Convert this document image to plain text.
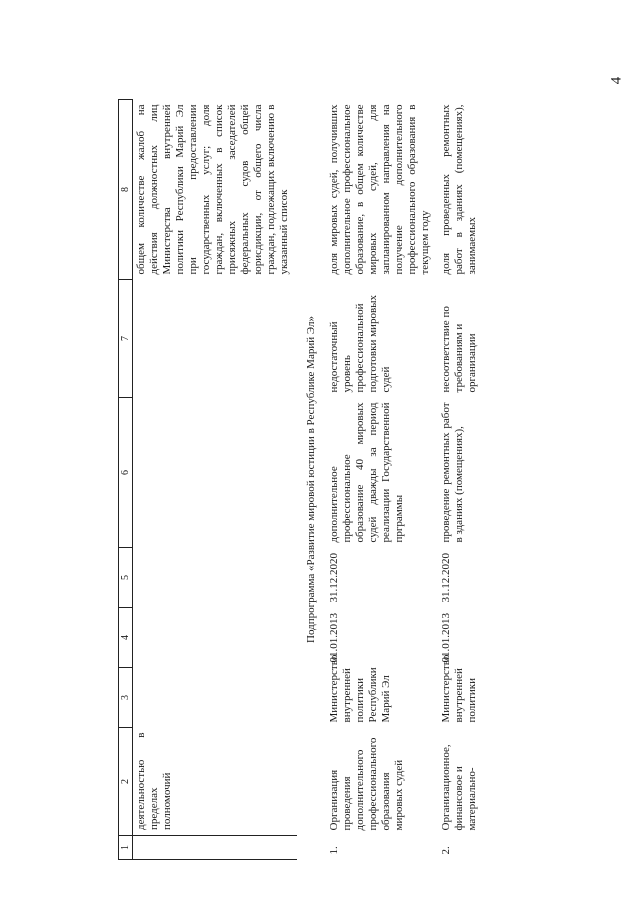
4
1	2	3	4	5	6	7	8
	деятельностью в пределах полномочий						общем количестве жалоб на действия должностных лиц Министерства внутренней политики Республики Марий Эл при предоставлении государственных услуг; доля граждан, включенных в список присяжных заседателей федеральных судов общей юрисдикции, от общего числа граждан, подлежащих включению в указанный список
Подпрограмма «Развитие мировой юстиции в Республике Марий Эл»							
1.	Организация проведения дополнительного профессионального образования мировых судей	Министерство внутренней политики Республики Марий Эл	01.01.2013	31.12.2020	дополнительное профессиональное образование 40 мировых судей дважды за период реализации Государственной прграммы	недостаточный уровень профессиональной подготовки мировых судей	доля мировых судей, получивших дополнительное профессиональное образование, в общем количестве мировых судей, для запланированном направления на получение дополнительного профессионального образования в текущем году
2.	Организационное, финансовое и материально-	Министерство внутренней политики	01.01.2013	31.12.2020	проведение ремонтных работ в зданиях (помещениях),	несоответствие по требованиям и организации	доля проведенных ремонтных работ в зданиях (помещениях), занимаемых
